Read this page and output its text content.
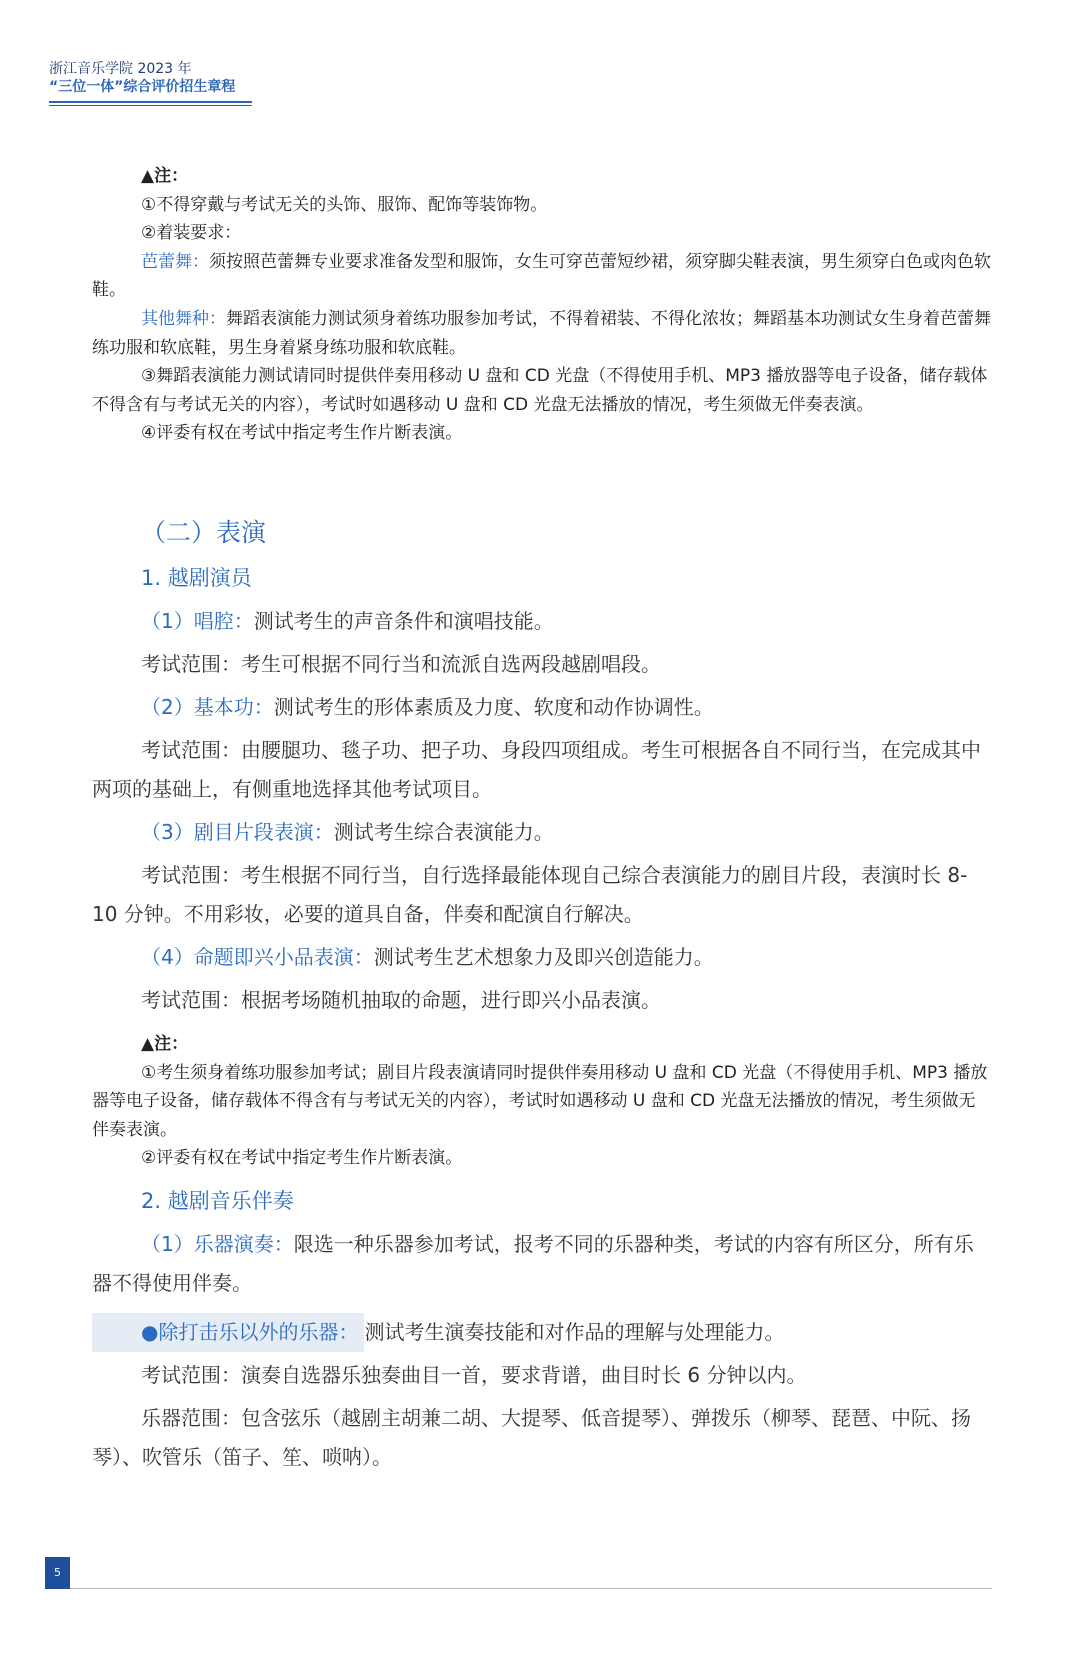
浙江音乐学院 2023 年
“三位一体”综合评价招生章程

▲注：

①不得穿戴与考试无关的头饰、服饰、配饰等装饰物。

②着装要求：

芭蕾舞：须按照芭蕾舞专业要求准备发型和服饰，女生可穿芭蕾短纱裙，须穿脚尖鞋表演，男生须穿白色或肉色软鞋。

其他舞种：舞蹈表演能力测试须身着练功服参加考试，不得着裙装、不得化浓妆；舞蹈基本功测试女生身着芭蕾舞练功服和软底鞋，男生身着紧身练功服和软底鞋。

③舞蹈表演能力测试请同时提供伴奏用移动 U 盘和 CD 光盘（不得使用手机、MP3 播放器等电子设备，储存载体不得含有与考试无关的内容），考试时如遇移动 U 盘和 CD 光盘无法播放的情况，考生须做无伴奏表演。

④评委有权在考试中指定考生作片断表演。

（二）表演
1. 越剧演员

（1）唱腔：测试考生的声音条件和演唱技能。

考试范围：考生可根据不同行当和流派自选两段越剧唱段。

（2）基本功：测试考生的形体素质及力度、软度和动作协调性。

考试范围：由腰腿功、毯子功、把子功、身段四项组成。考生可根据各自不同行当，在完成其中两项的基础上，有侧重地选择其他考试项目。

（3）剧目片段表演：测试考生综合表演能力。

考试范围：考生根据不同行当，自行选择最能体现自己综合表演能力的剧目片段，表演时长 8-10 分钟。不用彩妆，必要的道具自备，伴奏和配演自行解决。

（4）命题即兴小品表演：测试考生艺术想象力及即兴创造能力。

考试范围：根据考场随机抽取的命题，进行即兴小品表演。

▲注：

①考生须身着练功服参加考试；剧目片段表演请同时提供伴奏用移动 U 盘和 CD 光盘（不得使用手机、MP3 播放器等电子设备，储存载体不得含有与考试无关的内容），考试时如遇移动 U 盘和 CD 光盘无法播放的情况，考生须做无伴奏表演。

②评委有权在考试中指定考生作片断表演。

2. 越剧音乐伴奏

（1）乐器演奏：限选一种乐器参加考试，报考不同的乐器种类，考试的内容有所区分，所有乐器不得使用伴奏。

●除打击乐以外的乐器： 测试考生演奏技能和对作品的理解与处理能力。

考试范围：演奏自选器乐独奏曲目一首，要求背谱，曲目时长 6 分钟以内。

乐器范围：包含弦乐（越剧主胡兼二胡、大提琴、低音提琴）、弹拨乐（柳琴、琵琶、中阮、扬琴）、吹管乐（笛子、笙、唢呐）。

5
